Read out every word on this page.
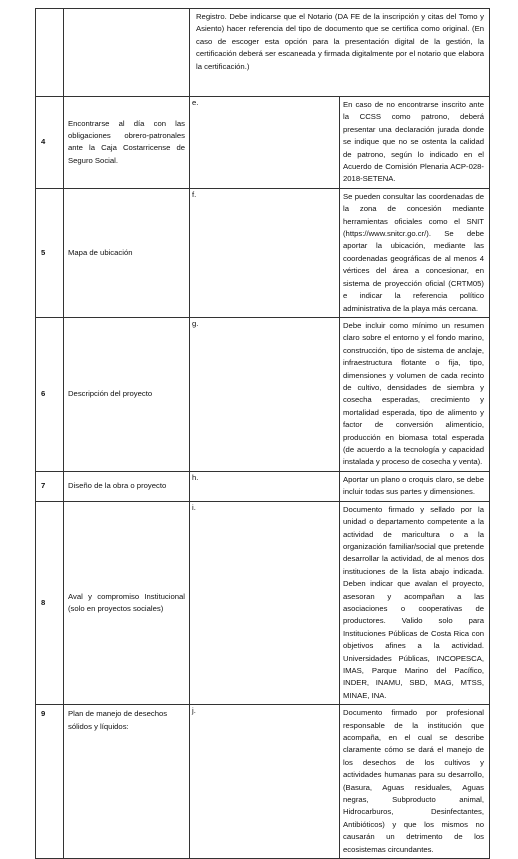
		Registro. Debe indicarse que el Notario (DA FE de la inscripción y citas del Tomo y Asiento) hacer referencia del tipo de documento que se certifica como original. (En caso de escoger esta opción para la presentación digital de la gestión, la certificación deberá ser escaneada y firmada digitalmente por el notario que elabora la certificación.)	
4	Encontrarse al día con las obligaciones obrero-patronales ante la Caja Costarricense de Seguro Social.	e.	En caso de no encontrarse inscrito ante la CCSS como patrono, deberá presentar una declaración jurada donde se indique que no se ostenta la calidad de patrono, según lo indicado en el Acuerdo de Comisión Plenaria ACP-028-2018-SETENA.
5	Mapa de ubicación	f.	Se pueden consultar las coordenadas de la zona de concesión mediante herramientas oficiales como el SNIT (https://www.snitcr.go.cr/). Se debe aportar la ubicación, mediante las coordenadas geográficas de al menos 4 vértices del área a concesionar, en sistema de proyección oficial (CRTM05) e indicar la referencia político administrativa de la playa más cercana.
6	Descripción del proyecto	g.	Debe incluir como mínimo un resumen claro sobre el entorno y el fondo marino, construcción, tipo de sistema de anclaje, infraestructura flotante o fija, tipo, dimensiones y volumen de cada recinto de cultivo, densidades de siembra y cosecha esperadas, crecimiento y mortalidad esperada, tipo de alimento y factor de conversión alimenticio, producción en biomasa total esperada (de acuerdo a la tecnología y capacidad instalada y proceso de cosecha y venta).
7	Diseño de la obra o proyecto	h.	Aportar un plano o croquis claro, se debe incluir todas sus partes y dimensiones.
8	Aval y compromiso Institucional (solo en proyectos sociales)	i.	Documento firmado y sellado por la unidad o departamento competente a la actividad de maricultura o a la organización familiar/social que pretende desarrollar la actividad, de al menos dos instituciones de la lista abajo indicada. Deben indicar que avalan el proyecto, asesoran y acompañan a las asociaciones o cooperativas de productores. Valido solo para Instituciones Públicas de Costa Rica con objetivos afines a la actividad. Universidades Públicas, INCOPESCA, IMAS, Parque Marino del Pacífico, INDER, INAMU, SBD, MAG, MTSS, MINAE, INA.
9	Plan de manejo de desechos sólidos y líquidos:	j.	Documento firmado por profesional responsable de la institución que acompaña, en el cual se describe claramente cómo se dará el manejo de los desechos de los cultivos y actividades humanas para su desarrollo, (Basura, Aguas residuales, Aguas negras, Subproducto animal, Hidrocarburos, Desinfectantes, Antibióticos) y que los mismos no causarán un detrimento de los ecosistemas circundantes.
